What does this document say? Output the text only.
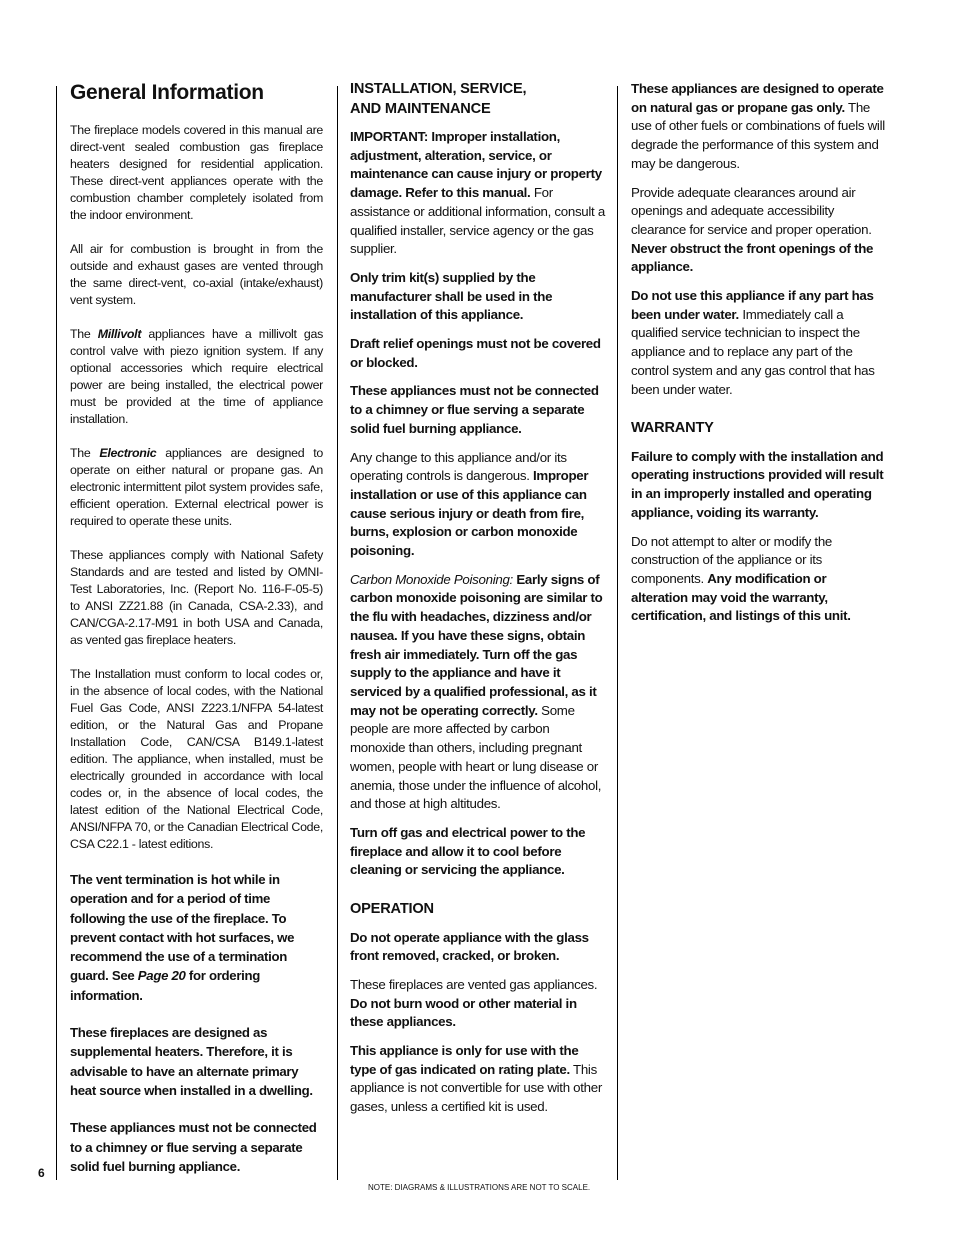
General Information

The fireplace models covered in this manual are direct-vent sealed combustion gas fireplace heaters designed for residential application. These direct-vent appliances operate with the combustion chamber completely isolated from the indoor environment.

All air for combustion is brought in from the outside and exhaust gases are vented through the same direct-vent, co-axial (intake/exhaust) vent system.

The Millivolt appliances have a millivolt gas control valve with piezo ignition system. If any optional accessories which require electrical power are being installed, the electrical power must be provided at the time of appliance installation.

The Electronic appliances are designed to operate on either natural or propane gas. An electronic intermittent pilot system provides safe, efficient operation. External electrical power is required to operate these units.

These appliances comply with National Safety Standards and are tested and listed by OMNI-Test Laboratories, Inc. (Report No. 116-F-05-5) to ANSI ZZ21.88 (in Canada, CSA-2.33), and CAN/CGA-2.17-M91 in both USA and Canada, as vented gas fireplace heaters.

The Installation must conform to local codes or, in the absence of local codes, with the National Fuel Gas Code, ANSI Z223.1/NFPA 54-latest edition, or the Natural Gas and Propane Installation Code, CAN/CSA B149.1-latest edition. The appliance, when installed, must be electrically grounded in accordance with local codes or, in the absence of local codes, the latest edition of the National Electrical Code, ANSI/NFPA 70, or the Canadian Electrical Code, CSA C22.1 - latest editions.

The vent termination is hot while in operation and for a period of time following the use of the fireplace. To prevent contact with hot surfaces, we recommend the use of a termination guard. See Page 20 for ordering information.

These fireplaces are designed as supplemental heaters. Therefore, it is advisable to have an alternate primary heat source when installed in a dwelling.

These appliances must not be connected to a chimney or flue serving a separate solid fuel burning appliance.

INSTALLATION, SERVICE,
AND MAINTENANCE

IMPORTANT: Improper installation, adjustment, alteration, service, or maintenance can cause injury or property damage. Refer to this manual. For assistance or additional information, consult a qualified installer, service agency or the gas supplier.

Only trim kit(s) supplied by the manufacturer shall be used in the installation of this appliance.

Draft relief openings must not be covered or blocked.

These appliances must not be connected to a chimney or flue serving a separate solid fuel burning appliance.

Any change to this appliance and/or its operating controls is dangerous. Improper installation or use of this appliance can cause serious injury or death from fire, burns, explosion or carbon monoxide poisoning.

Carbon Monoxide Poisoning: Early signs of carbon monoxide poisoning are similar to the flu with headaches, dizziness and/or nausea. If you have these signs, obtain fresh air immediately. Turn off the gas supply to the appliance and have it serviced by a qualified professional, as it may not be operating correctly. Some people are more affected by carbon monoxide than others, including pregnant women, people with heart or lung disease or anemia, those under the influence of alcohol, and those at high altitudes.

Turn off gas and electrical power to the fireplace and allow it to cool before cleaning or servicing the appliance.

OPERATION

Do not operate appliance with the glass front removed, cracked, or broken.

These fireplaces are vented gas appliances. Do not burn wood or other material in these appliances.

This appliance is only for use with the type of gas indicated on rating plate. This appliance is not convertible for use with other gases, unless a certified kit is used.

These appliances are designed to operate on natural gas or propane gas only. The use of other fuels or combinations of fuels will degrade the performance of this system and may be dangerous.

Provide adequate clearances around air openings and adequate accessibility clearance for service and proper operation. Never obstruct the front openings of the appliance.

Do not use this appliance if any part has been under water. Immediately call a qualified service technician to inspect the appliance and to replace any part of the control system and any gas control that has been under water.

WARRANTY

Failure to comply with the installation and operating instructions provided will result in an improperly installed and operating appliance, voiding its warranty.

Do not attempt to alter or modify the construction of the appliance or its components. Any modification or alteration may void the warranty, certification, and listings of this unit.

6
NOTE: DIAGRAMS & ILLUSTRATIONS ARE NOT TO SCALE.
